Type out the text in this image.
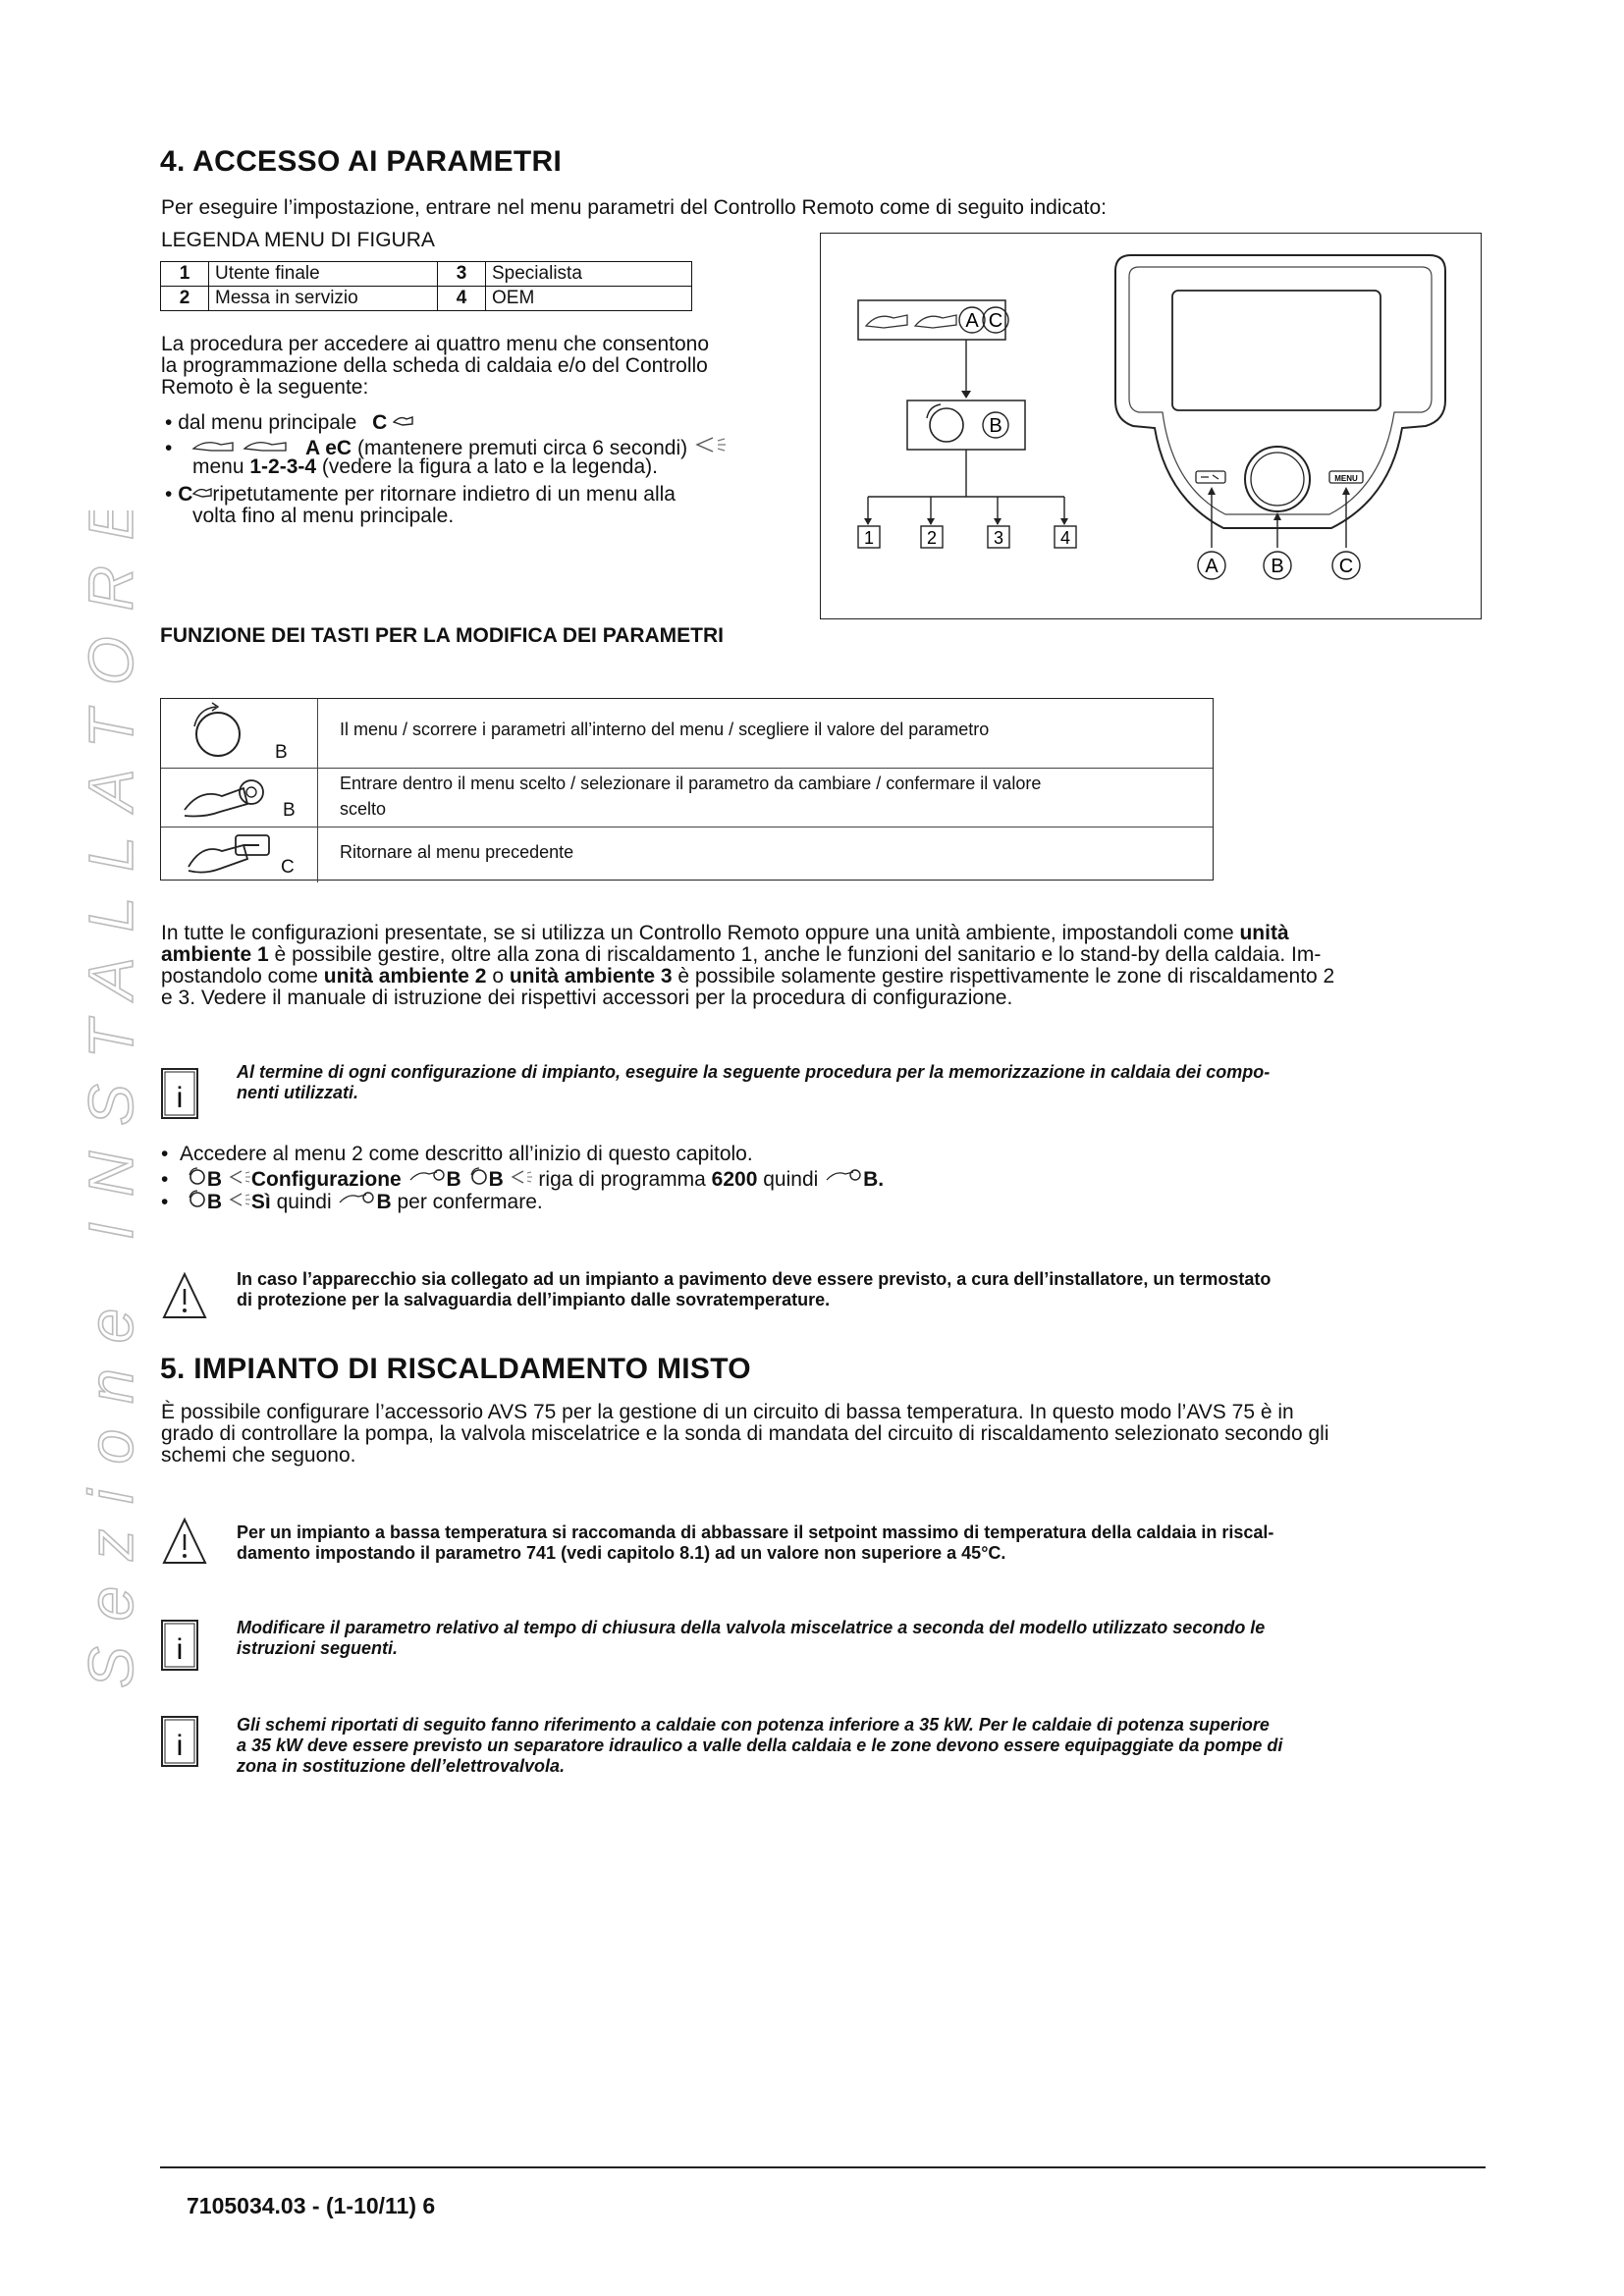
Sezione INSTALLATORE (IT)
4. ACCESSO AI PARAMETRI
Per eseguire l’impostazione, entrare nel menu parametri del Controllo Remoto come di seguito indicato:
LEGENDA MENU DI FIGURA
1	Utente finale	3	Specialista
2	Messa in servizio	4	OEM
La procedura per accedere ai quattro menu che consentono
la programmazione della scheda di caldaia e/o del Controllo
Remoto è la seguente:
• dal menu principale C
•	A eC (mantenere premuti circa 6 secondi)
menu 1-2-3-4 (vedere la figura a lato e la legenda).
• C ripetutamente per ritornare indietro di un menu alla
volta fino al menu principale.
A C
B
1	2	3	4
MENU
A	B	C
FUNZIONE DEI TASTI PER LA MODIFICA DEI PARAMETRI
B
Il menu / scorrere i parametri all’interno del menu / scegliere il valore del parametro
B
Entrare dentro il menu scelto / selezionare il parametro da cambiare / confermare il valore
scelto
C
Ritornare al menu precedente
In tutte le configurazioni presentate, se si utilizza un Controllo Remoto oppure una unità ambiente, impostandoli come unità
ambiente 1 è possibile gestire, oltre alla zona di riscaldamento 1, anche le funzioni del sanitario e lo stand-by della caldaia. Im-
postandolo come unità ambiente 2 o unità ambiente 3 è possibile solamente gestire rispettivamente le zone di riscaldamento 2
e 3. Vedere il manuale di istruzione dei rispettivi accessori per la procedura di configurazione.
i
Al termine di ogni configurazione di impianto, eseguire la seguente procedura per la memorizzazione in caldaia dei compo-
nenti utilizzati.
•  Accedere al menu 2 come descritto all’inizio di questo capitolo.
•   B Configurazione B B riga di programma 6200 quindi B.
•   B Sì quindi B per confermare.
In caso l’apparecchio sia collegato ad un impianto a pavimento deve essere previsto, a cura dell’installatore, un termostato
di protezione per la salvaguardia dell’impianto dalle sovratemperature.
5. IMPIANTO DI RISCALDAMENTO MISTO
È possibile configurare l’accessorio AVS 75 per la gestione di un circuito di bassa temperatura. In questo modo l’AVS 75 è in
grado di controllare la pompa, la valvola miscelatrice e la sonda di mandata del circuito di riscaldamento selezionato secondo gli
schemi che seguono.
Per un impianto a bassa temperatura si raccomanda di abbassare il setpoint massimo di temperatura della caldaia in riscal-
damento impostando il parametro 741 (vedi capitolo 8.1) ad un valore non superiore a 45°C.
i
Modificare il parametro relativo al tempo di chiusura della valvola miscelatrice a seconda del modello utilizzato secondo le
istruzioni seguenti.
i
Gli schemi riportati di seguito fanno riferimento a caldaie con potenza inferiore a 35 kW. Per le caldaie di potenza superiore
a 35 kW deve essere previsto un separatore idraulico a valle della caldaia e le zone devono essere equipaggiate da pompe di
zona in sostituzione dell’elettrovalvola.
7105034.03 - (1-10/11) 6
